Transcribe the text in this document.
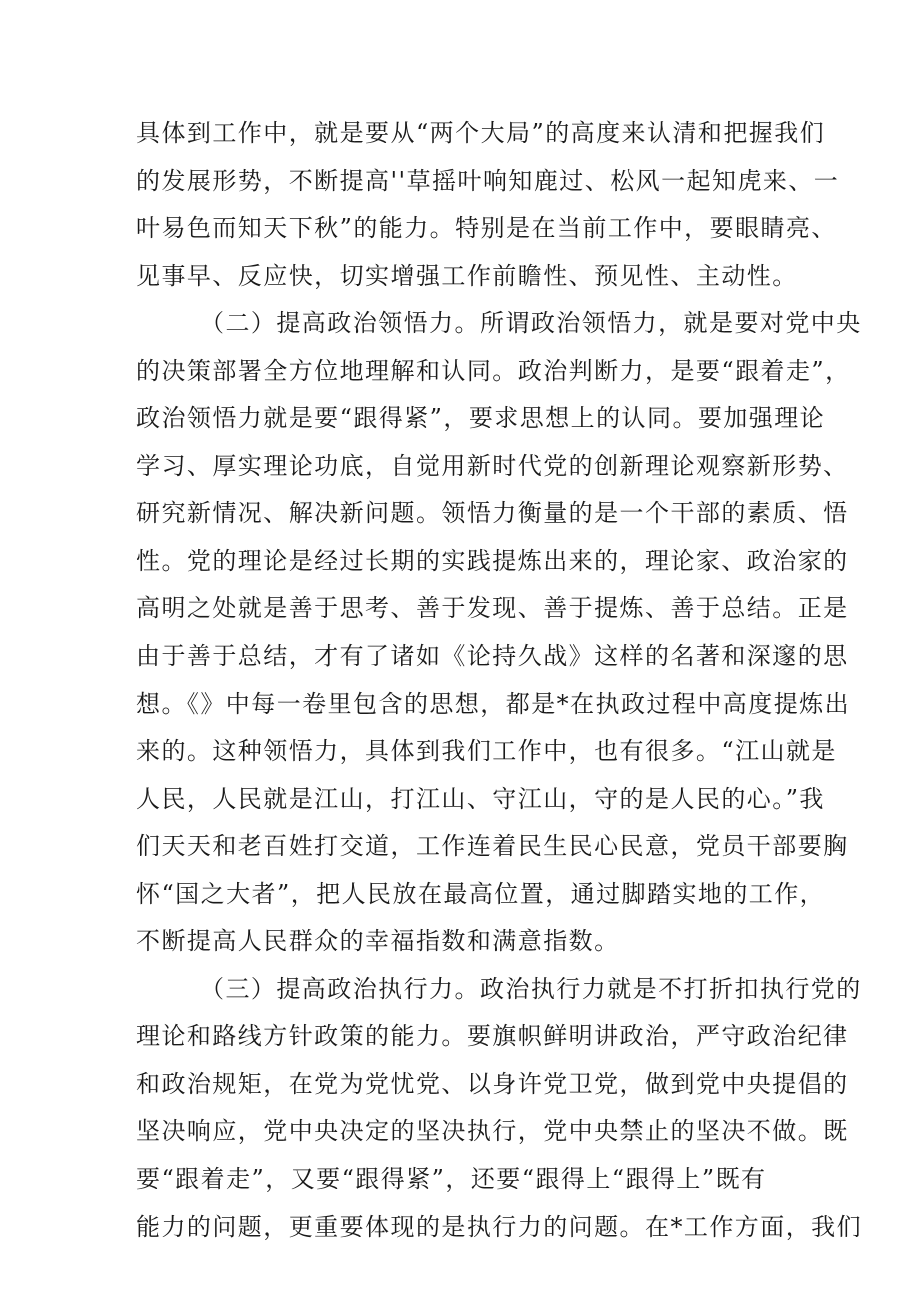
具体到工作中，就是要从“两个大局”的高度来认清和把握我们
的发展形势，不断提高''草摇叶响知鹿过、松风一起知虎来、一
叶易色而知天下秋”的能力。特别是在当前工作中，要眼睛亮、
见事早、反应快，切实增强工作前瞻性、预见性、主动性。
（二）提高政治领悟力。所谓政治领悟力，就是要对党中央
的决策部署全方位地理解和认同。政治判断力，是要“跟着走”，
政治领悟力就是要“跟得紧”，要求思想上的认同。要加强理论
学习、厚实理论功底，自觉用新时代党的创新理论观察新形势、
研究新情况、解决新问题。领悟力衡量的是一个干部的素质、悟
性。党的理论是经过长期的实践提炼出来的，理论家、政治家的
高明之处就是善于思考、善于发现、善于提炼、善于总结。正是
由于善于总结，才有了诸如《论持久战》这样的名著和深邃的思
想。《》中每一卷里包含的思想，都是*在执政过程中高度提炼出
来的。这种领悟力，具体到我们工作中，也有很多。“江山就是
人民，人民就是江山，打江山、守江山，守的是人民的心。”我
们天天和老百姓打交道，工作连着民生民心民意，党员干部要胸
怀“国之大者”，把人民放在最高位置，通过脚踏实地的工作，
不断提高人民群众的幸福指数和满意指数。
（三）提高政治执行力。政治执行力就是不打折扣执行党的
理论和路线方针政策的能力。要旗帜鲜明讲政治，严守政治纪律
和政治规矩，在党为党忧党、以身许党卫党，做到党中央提倡的
坚决响应，党中央决定的坚决执行，党中央禁止的坚决不做。既
要“跟着走”，又要“跟得紧”，还要“跟得上“跟得上”既有
能力的问题，更重要体现的是执行力的问题。在*工作方面，我们
